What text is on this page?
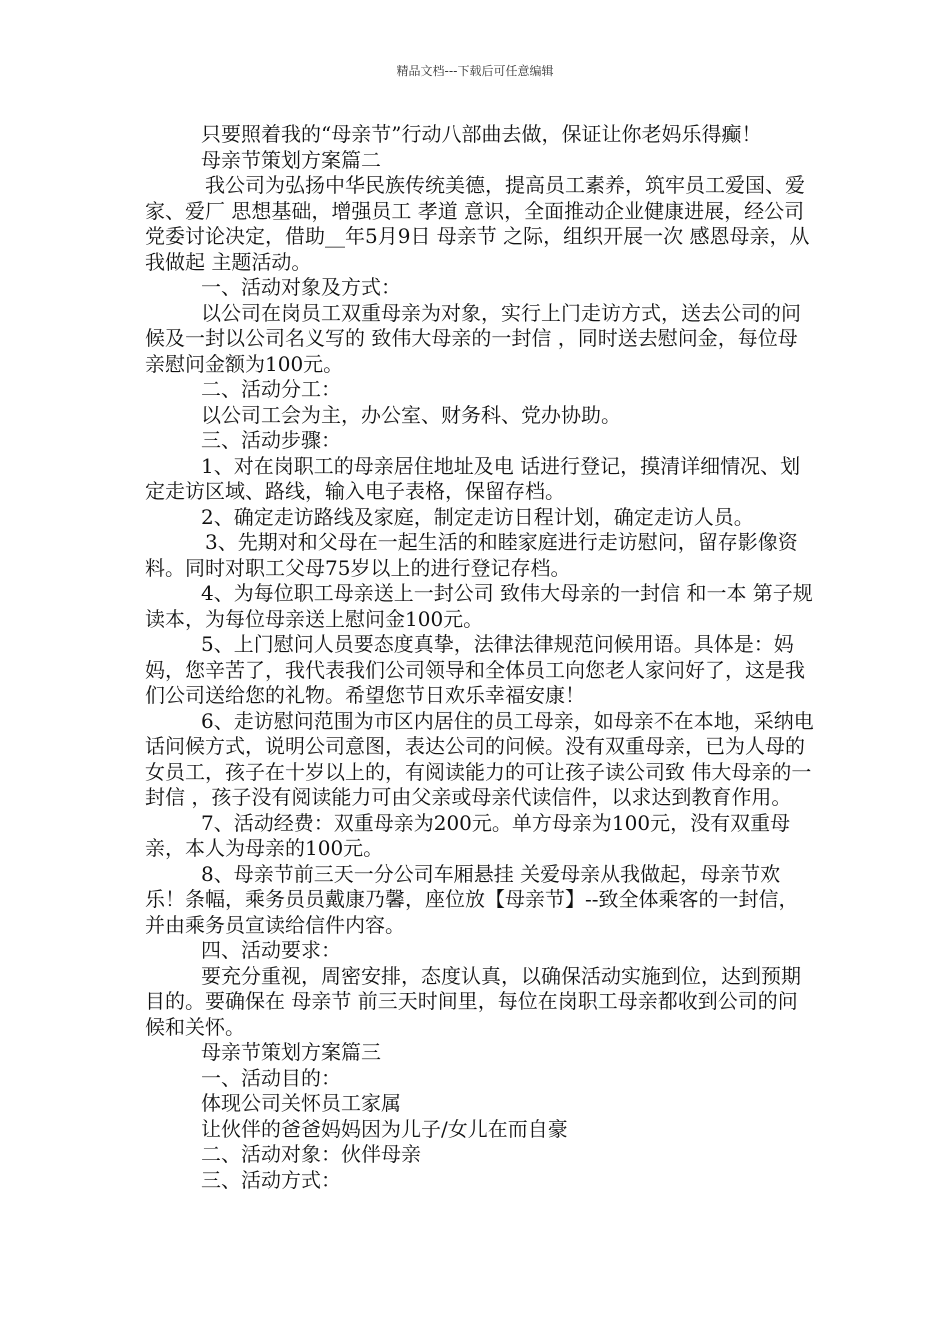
精品文档---下载后可任意编辑

只要照着我的“母亲节”行动八部曲去做，保证让你老妈乐得癫！

母亲节策划方案篇二

我公司为弘扬中华民族传统美德，提高员工素养，筑牢员工爱国、爱家、爱厂 思想基础，增强员工 孝道 意识，全面推动企业健康进展，经公司党委讨论决定，借助__年5月9日 母亲节 之际，组织开展一次 感恩母亲，从我做起 主题活动。

一、活动对象及方式：

以公司在岗员工双重母亲为对象，实行上门走访方式，送去公司的问候及一封以公司名义写的 致伟大母亲的一封信 ，同时送去慰问金，每位母亲慰问金额为100元。

二、活动分工：

以公司工会为主，办公室、财务科、党办协助。

三、活动步骤：

1、对在岗职工的母亲居住地址及电 话进行登记，摸清详细情况、划定走访区域、路线，输入电子表格，保留存档。

2、确定走访路线及家庭，制定走访日程计划，确定走访人员。

3、先期对和父母在一起生活的和睦家庭进行走访慰问，留存影像资料。同时对职工父母75岁以上的进行登记存档。

4、为每位职工母亲送上一封公司 致伟大母亲的一封信 和一本 第子规 读本，为每位母亲送上慰问金100元。

5、上门慰问人员要态度真挚，法律法律规范问候用语。具体是：妈妈，您辛苦了，我代表我们公司领导和全体员工向您老人家问好了，这是我们公司送给您的礼物。希望您节日欢乐幸福安康！

6、走访慰问范围为市区内居住的员工母亲，如母亲不在本地，采纳电 话问候方式，说明公司意图，表达公司的问候。没有双重母亲，已为人母的女员工，孩子在十岁以上的，有阅读能力的可让孩子读公司致 伟大母亲的一封信 ，孩子没有阅读能力可由父亲或母亲代读信件，以求达到教育作用。

7、活动经费：双重母亲为200元。单方母亲为100元，没有双重母亲，本人为母亲的100元。

8、母亲节前三天一分公司车厢悬挂 关爱母亲从我做起，母亲节欢乐！条幅，乘务员员戴康乃馨，座位放【母亲节】--致全体乘客的一封信，并由乘务员宣读给信件内容。

四、活动要求：

要充分重视，周密安排，态度认真，以确保活动实施到位，达到预期目的。要确保在 母亲节 前三天时间里，每位在岗职工母亲都收到公司的问候和关怀。

母亲节策划方案篇三

一、活动目的：

体现公司关怀员工家属

让伙伴的爸爸妈妈因为儿子/女儿在而自豪

二、活动对象：伙伴母亲

三、活动方式：
